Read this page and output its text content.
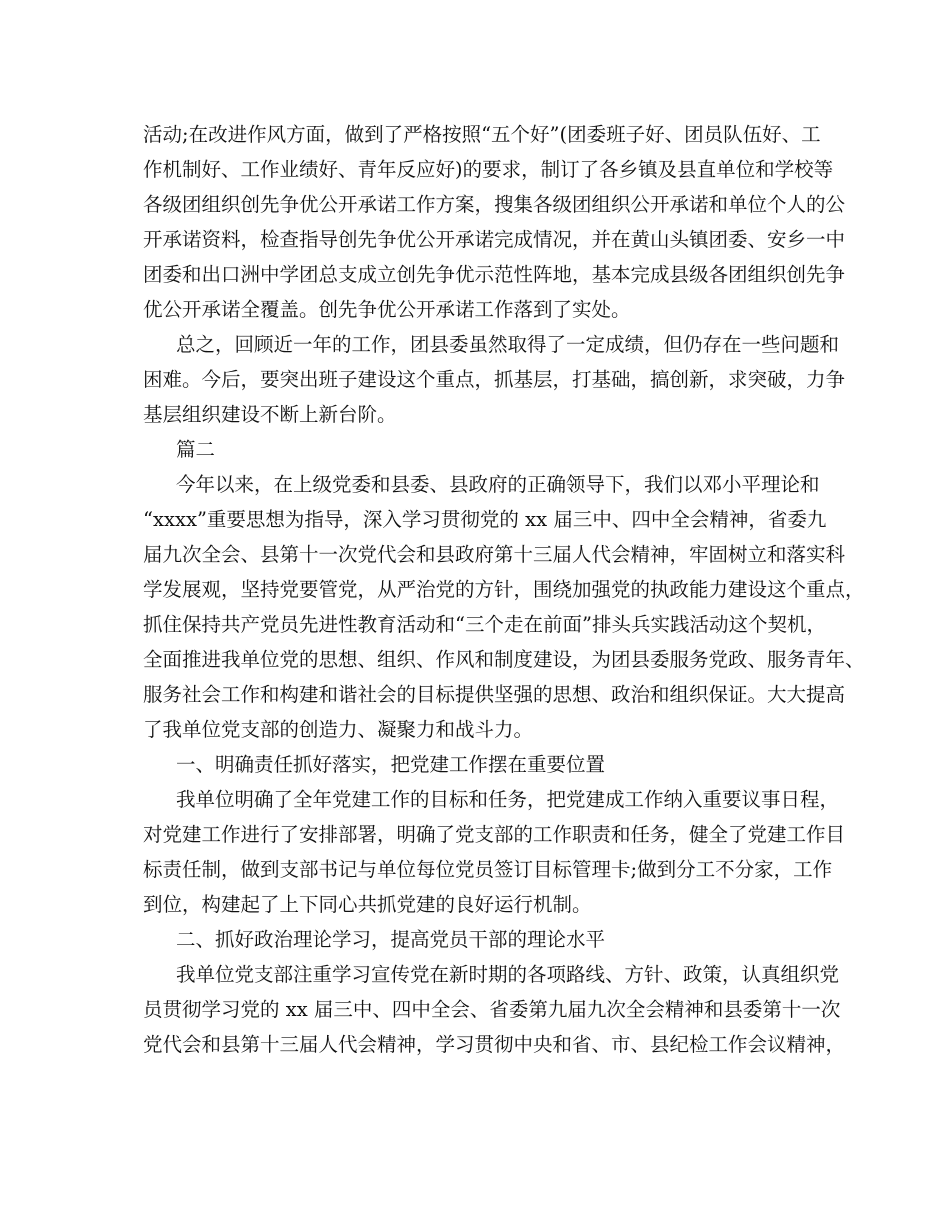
活动;在改进作风方面，做到了严格按照“五个好”(团委班子好、团员队伍好、工
作机制好、工作业绩好、青年反应好)的要求，制订了各乡镇及县直单位和学校等
各级团组织创先争优公开承诺工作方案，搜集各级团组织公开承诺和单位个人的公
开承诺资料，检查指导创先争优公开承诺完成情况，并在黄山头镇团委、安乡一中
团委和出口洲中学团总支成立创先争优示范性阵地，基本完成县级各团组织创先争
优公开承诺全覆盖。创先争优公开承诺工作落到了实处。
总之，回顾近一年的工作，团县委虽然取得了一定成绩，但仍存在一些问题和
困难。今后，要突出班子建设这个重点，抓基层，打基础，搞创新，求突破，力争
基层组织建设不断上新台阶。
篇二
今年以来，在上级党委和县委、县政府的正确领导下，我们以邓小平理论和
“xxxx”重要思想为指导，深入学习贯彻党的 xx 届三中、四中全会精神，省委九
届九次全会、县第十一次党代会和县政府第十三届人代会精神，牢固树立和落实科
学发展观，坚持党要管党，从严治党的方针，围绕加强党的执政能力建设这个重点，
抓住保持共产党员先进性教育活动和“三个走在前面”排头兵实践活动这个契机，
全面推进我单位党的思想、组织、作风和制度建设，为团县委服务党政、服务青年、
服务社会工作和构建和谐社会的目标提供坚强的思想、政治和组织保证。大大提高
了我单位党支部的创造力、凝聚力和战斗力。
一、明确责任抓好落实，把党建工作摆在重要位置
我单位明确了全年党建工作的目标和任务，把党建成工作纳入重要议事日程，
对党建工作进行了安排部署，明确了党支部的工作职责和任务，健全了党建工作目
标责任制，做到支部书记与单位每位党员签订目标管理卡;做到分工不分家，工作
到位，构建起了上下同心共抓党建的良好运行机制。
二、抓好政治理论学习，提高党员干部的理论水平
我单位党支部注重学习宣传党在新时期的各项路线、方针、政策，认真组织党
员贯彻学习党的 xx 届三中、四中全会、省委第九届九次全会精神和县委第十一次
党代会和县第十三届人代会精神，学习贯彻中央和省、市、县纪检工作会议精神，
